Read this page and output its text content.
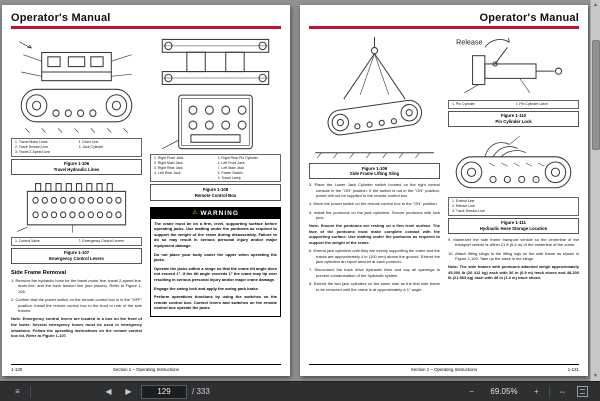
Operator's Manual
1. Travel Motor Lines	4. Drain Line
2. Track Tension Line	5. Jack Cylinder
3. Travel 2-Speed Line
Figure 1-106
Travel Hydraulic Lines
1. Control Valve	2. Emergency Control Levers
Figure 1-107
Emergency Control Levers
Side Frame Removal

1. Remove the hydraulic hose for the travel motor line, travel 2-speed line, drain line, and the track tension line (two places). Refer to Figure 1-106.

2. Confirm that the power switch on the remote control box is in the "OFF" position. Install the remote control box to the front or rear of the side frames.

Note: Emergency control levers are located in a box on the front of the lower. Several emergency hoses must be used in emergency situations. Follow the operating instructions on the remote control box lid. Refer to Figure 1-107.

1. Right Front Jack
2. Right Main Jack
3. Right Rear Jack
4. Left Rear Jack
5. Right Rear Pin Cylinder
6. Left Front Jack
7. Left Main Jack
8. Power Switch
9. Travel Lamp
Figure 1-108
Remote Control Box
⚠ WARNING

The crane must be on a firm, level, supporting surface before operating jacks. Use matting under the pontoons as required to support the weight of the crane during disassembly. Failure to do so may result in serious personal injury and/or major equipment damage.

Do not place your body under the upper when operating the jacks.

Operate the jacks within a range so that the crane tilt angle does not exceed 1°. If the tilt angle exceeds 1° the crane may tip over resulting in serious personal injury and/or major crane damage.

Engage the swing lock and apply the swing park brake.

Perform operations functions by using the switches on the remote control box. Control levers and switches on the remote control box operate the jacks.

1-120	Section 1 – Operating Instructions
Operator's Manual
Figure 1-109
Side Frame Lifting Sling

3. Place the Lower Jack Cylinder switch located on the right control console in the "ON" position. If the switch is not in the "ON" position, power will not be supplied to the remote control box.

4. Move the power switch on the remote control box to the "ON" position.

5. Install the pontoons on the jack cylinders. Secure pontoons with lock pins.

Note: Ensure the pontoons are resting on a firm level surface. The face of the pontoons must make complete contact with the supporting surface. Use matting under the pontoons as required to support the weight of the crane.

6. Extend jack cylinders until they are evenly supporting the crane and the tracks are approximately 4 in (100 mm) above the ground. Extend the jack cylinders an equal amount at each pontoon.

7. Disconnect the track drive hydraulic lines and cap all openings to prevent contamination of the hydraulic system.

8. Extend the two jack cylinders on the same side as the first side frame to be removed until the crane is at approximately a 1° angle.

Release
1. Pin Cylinder	2. Pin Cylinder Latch
Figure 1-110
Pin Cylinder Lock
1. Extend Line
2. Retract Line
3. Track Tension Line
Figure 1-111
Hydraulic Hose Storage Location

9. Maneuver the side frame transport vehicle so the centerline of the transport vehicle is within 21 ft (6.4 m) of the centerline of the crane.

10. Attach lifting slings to the lifting lugs on the side frame as shown in Figure 1-109. Take up the slack in the slings.

Note: The side frames with pontoons attached weigh approximately 45,300 lb (20 412 kg) each with 36 in (0.9 m) track shoes and 48,200 lb (21 863 kg) each with 48 in (1.2 m) track shoes.

Section 1 – Operating Instructions	1-121
▲
▼
≡	◀	▶
129	/ 333	−	69.05%	+	⇔
